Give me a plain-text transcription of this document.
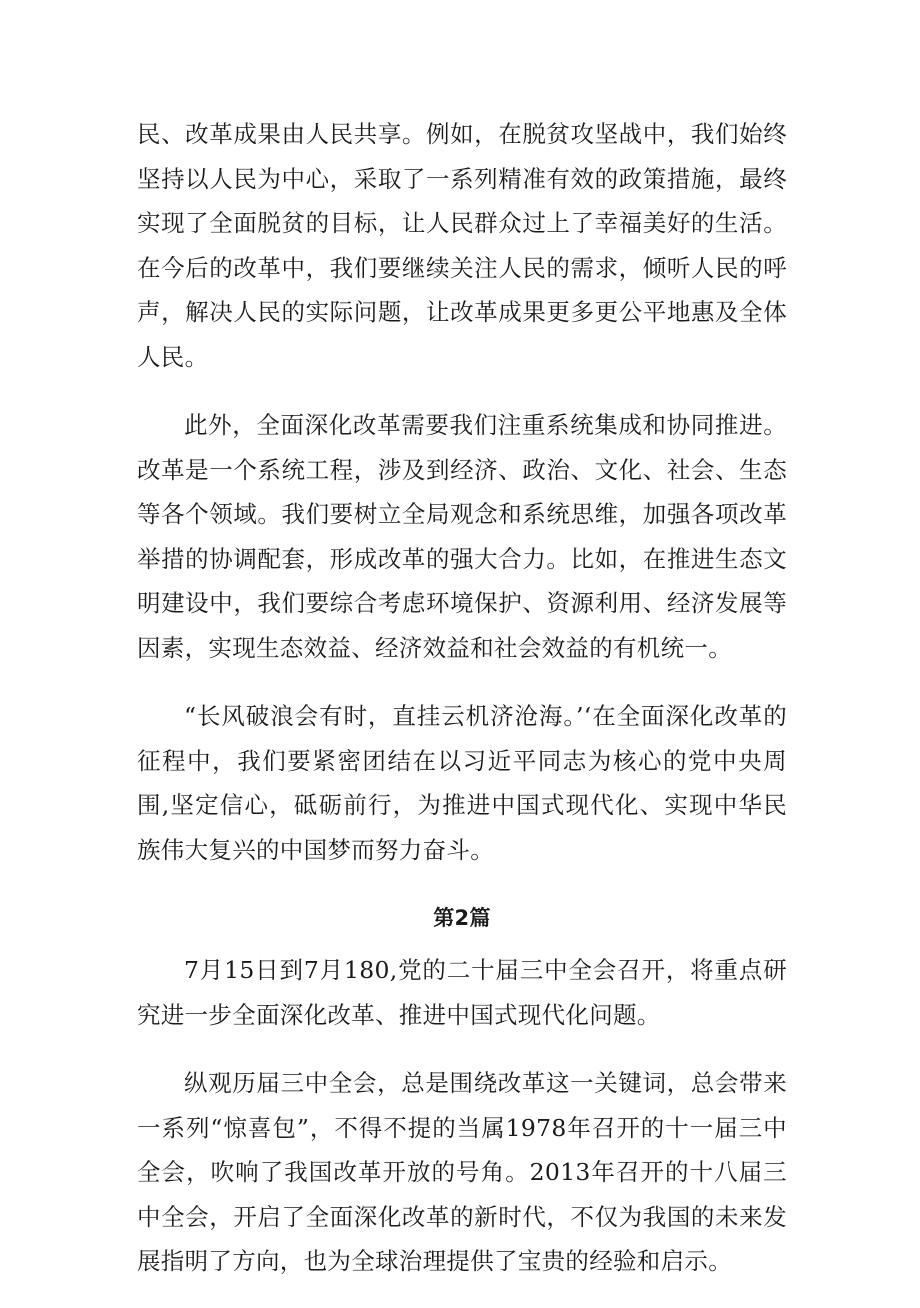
民、改革成果由人民共享。例如，在脱贫攻坚战中，我们始终坚持以人民为中心，采取了一系列精准有效的政策措施，最终实现了全面脱贫的目标，让人民群众过上了幸福美好的生活。在今后的改革中，我们要继续关注人民的需求，倾听人民的呼声，解决人民的实际问题，让改革成果更多更公平地惠及全体人民。

此外，全面深化改革需要我们注重系统集成和协同推进。改革是一个系统工程，涉及到经济、政治、文化、社会、生态等各个领域。我们要树立全局观念和系统思维，加强各项改革举措的协调配套，形成改革的强大合力。比如，在推进生态文明建设中，我们要综合考虑环境保护、资源利用、经济发展等因素，实现生态效益、经济效益和社会效益的有机统一。

“长风破浪会有时，直挂云机济沧海。’‘在全面深化改革的征程中，我们要紧密团结在以习近平同志为核心的党中央周围,坚定信心，砥砺前行，为推进中国式现代化、实现中华民族伟大复兴的中国梦而努力奋斗。

第2篇

7月15日到7月180,党的二十届三中全会召开，将重点研究进一步全面深化改革、推进中国式现代化问题。

纵观历届三中全会，总是围绕改革这一关键词，总会带来一系列“惊喜包”，不得不提的当属1978年召开的十一届三中全会，吹响了我国改革开放的号角。2013年召开的十八届三中全会，开启了全面深化改革的新时代，不仅为我国的未来发展指明了方向，也为全球治理提供了宝贵的经验和启示。
